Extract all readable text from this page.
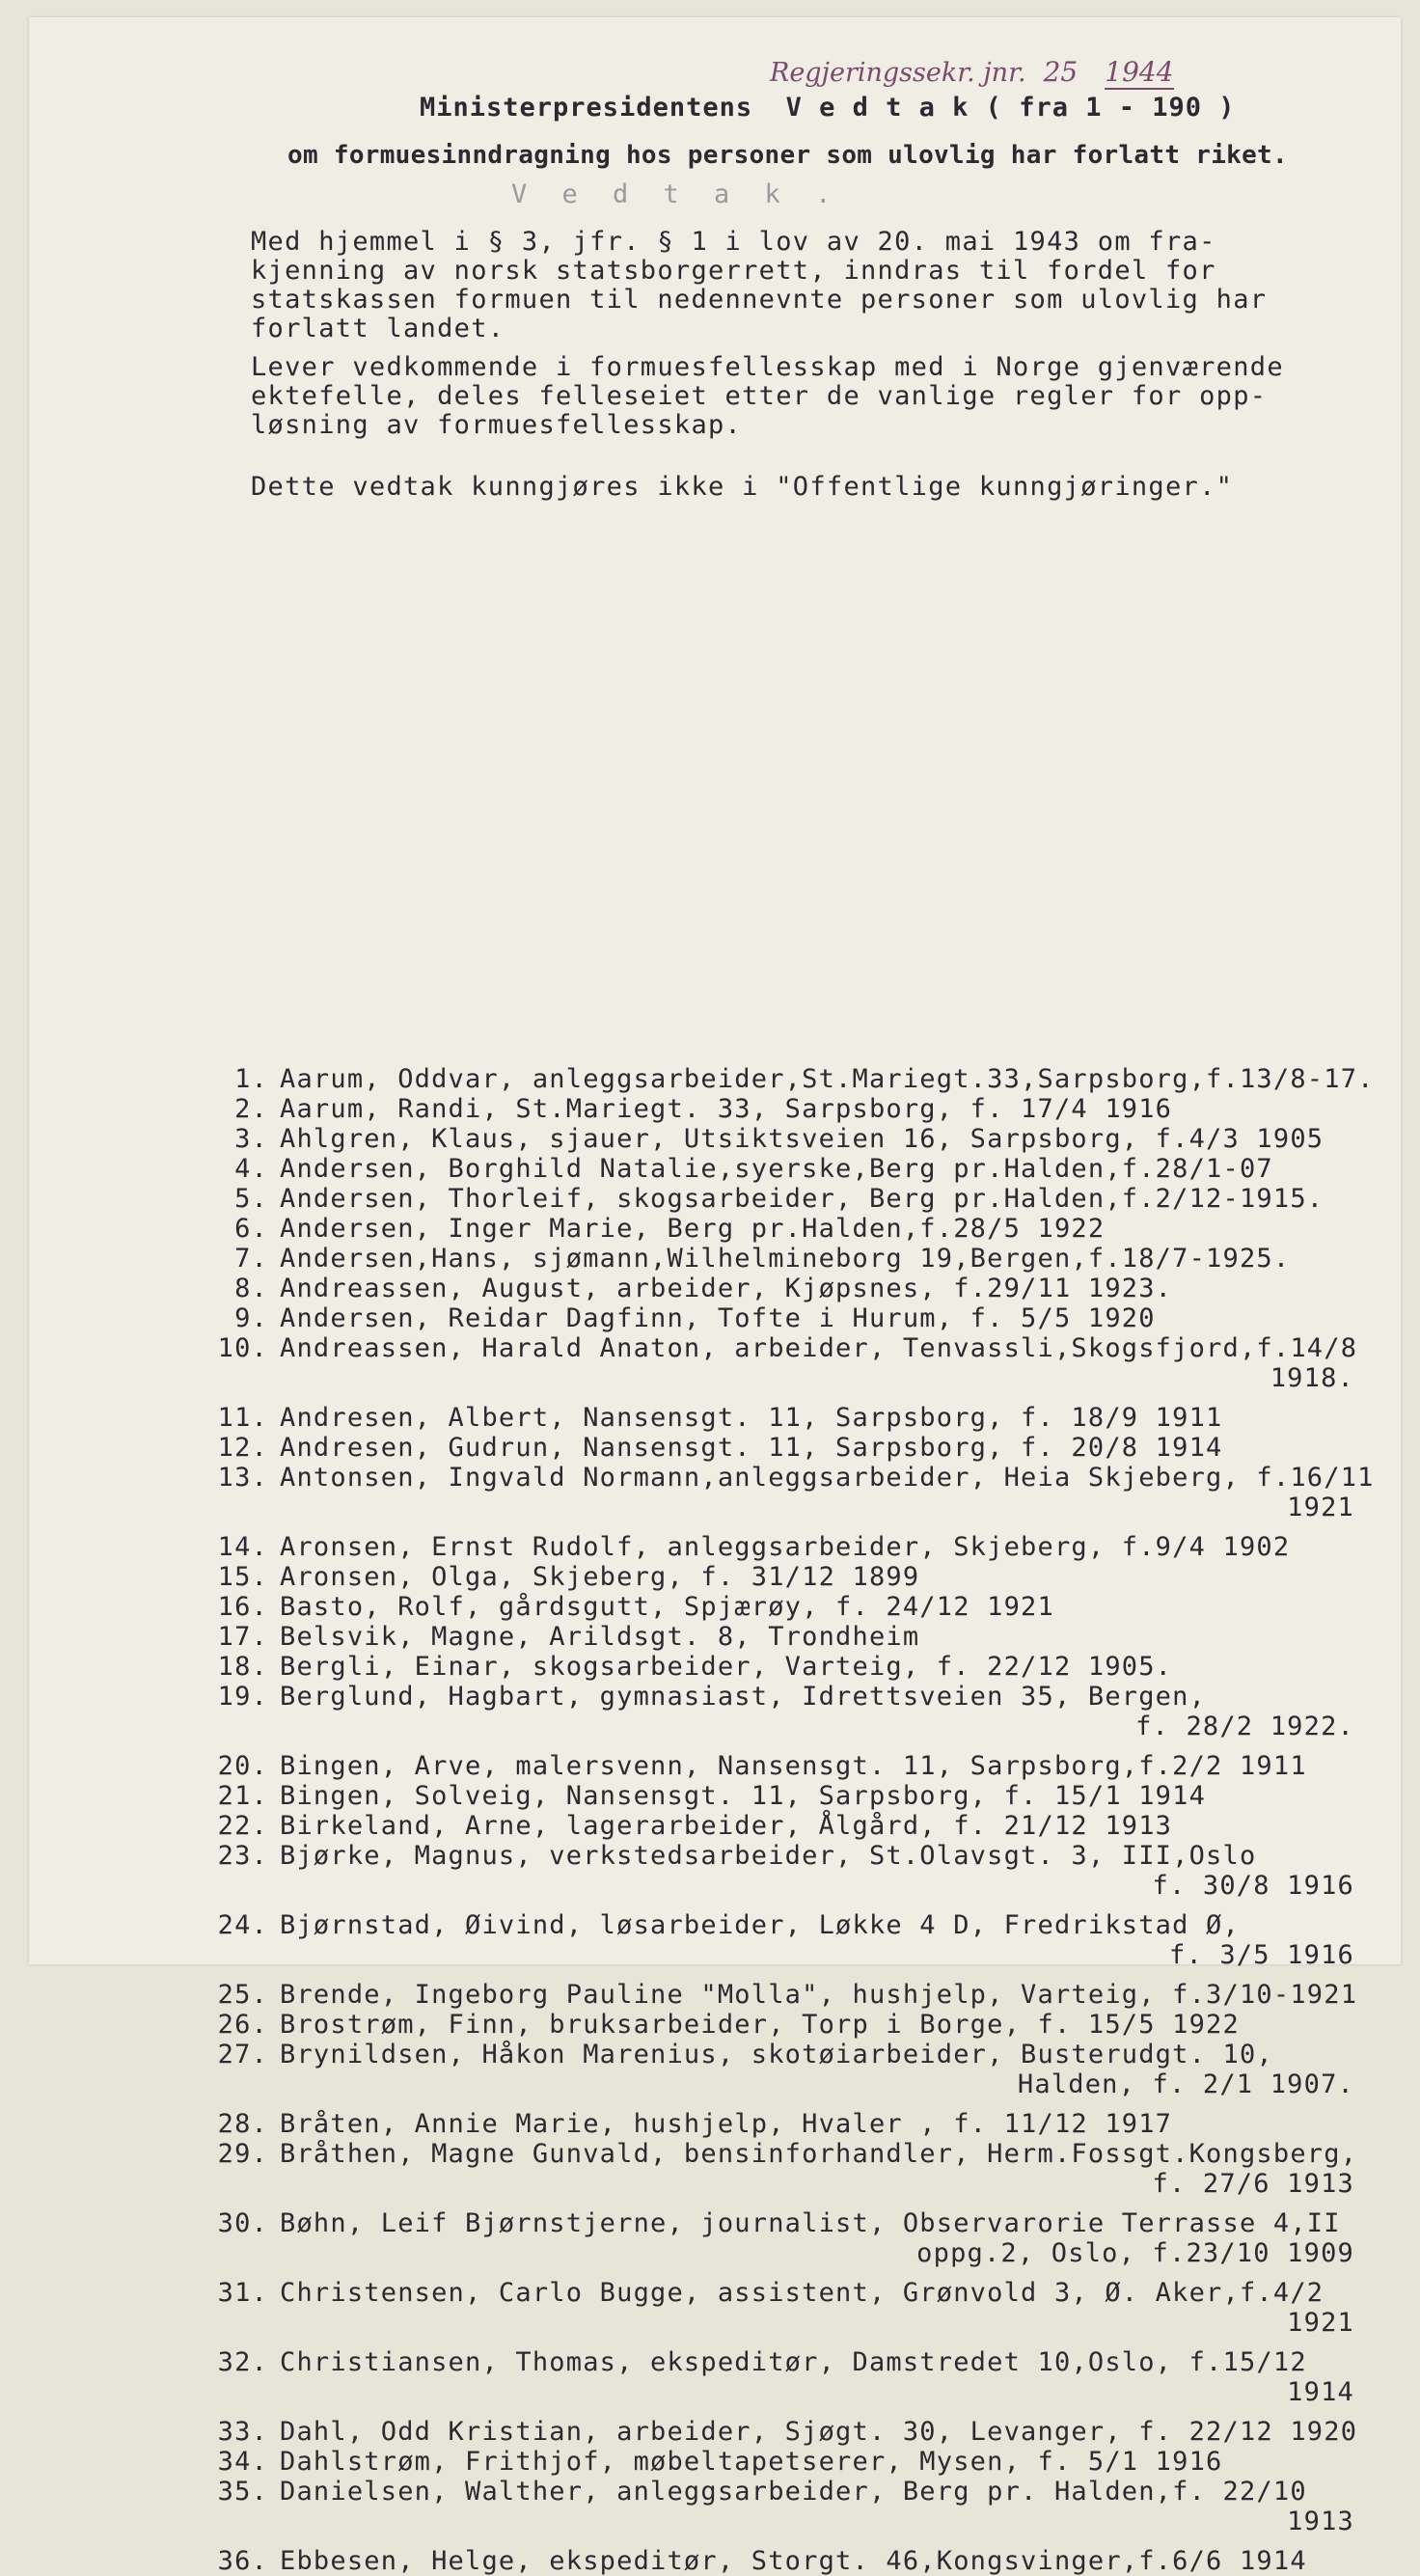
Regjeringssekr. jnr. 25 1944
Ministerpresidentens  V e d t a k ( fra 1 - 190 )
om formuesinndragning hos personer som ulovlig har forlatt riket.
V e d t a k .
Med hjemmel i § 3, jfr. § 1 i lov av 20. mai 1943 om fra-
kjenning av norsk statsborgerrett, inndras til fordel for
statskassen formuen til nedennevnte personer som ulovlig har
forlatt landet.
Lever vedkommende i formuesfellesskap med i Norge gjenværende
ektefelle, deles felleseiet etter de vanlige regler for opp-
løsning av formuesfellesskap.
Dette vedtak kunngjøres ikke i "Offentlige kunngjøringer."
1. Aarum, Oddvar, anleggsarbeider,St.Mariegt.33,Sarpsborg,f.13/8-17.
2. Aarum, Randi, St.Mariegt. 33, Sarpsborg, f. 17/4 1916
3. Ahlgren, Klaus, sjauer, Utsiktsveien 16, Sarpsborg, f.4/3 1905
4. Andersen, Borghild Natalie,syerske,Berg pr.Halden,f.28/1-07
5. Andersen, Thorleif, skogsarbeider, Berg pr.Halden,f.2/12-1915.
6. Andersen, Inger Marie, Berg pr.Halden,f.28/5 1922
7. Andersen,Hans, sjømann,Wilhelmineborg 19,Bergen,f.18/7-1925.
8. Andreassen, August, arbeider, Kjøpsnes, f.29/11 1923.
9. Andersen, Reidar Dagfinn, Tofte i Hurum, f. 5/5 1920
10. Andreassen, Harald Anaton, arbeider, Tenvassli,Skogsfjord,f.14/8
1918.
11. Andresen, Albert, Nansensgt. 11, Sarpsborg, f. 18/9 1911
12. Andresen, Gudrun, Nansensgt. 11, Sarpsborg, f. 20/8 1914
13. Antonsen, Ingvald Normann,anleggsarbeider, Heia Skjeberg, f.16/11
1921
14. Aronsen, Ernst Rudolf, anleggsarbeider, Skjeberg, f.9/4 1902
15. Aronsen, Olga, Skjeberg, f. 31/12 1899
16. Basto, Rolf, gårdsgutt, Spjærøy, f. 24/12 1921
17. Belsvik, Magne, Arildsgt. 8, Trondheim
18. Bergli, Einar, skogsarbeider, Varteig, f. 22/12 1905.
19. Berglund, Hagbart, gymnasiast, Idrettsveien 35, Bergen,
f. 28/2 1922.
20. Bingen, Arve, malersvenn, Nansensgt. 11, Sarpsborg,f.2/2 1911
21. Bingen, Solveig, Nansensgt. 11, Sarpsborg, f. 15/1 1914
22. Birkeland, Arne, lagerarbeider, Ålgård, f. 21/12 1913
23. Bjørke, Magnus, verkstedsarbeider, St.Olavsgt. 3, III,Oslo
f. 30/8 1916
24. Bjørnstad, Øivind, løsarbeider, Løkke 4 D, Fredrikstad Ø,
f. 3/5 1916
25. Brende, Ingeborg Pauline "Molla", hushjelp, Varteig, f.3/10-1921
26. Brostrøm, Finn, bruksarbeider, Torp i Borge, f. 15/5 1922
27. Brynildsen, Håkon Marenius, skotøiarbeider, Busterudgt. 10,
Halden, f. 2/1 1907.
28. Bråten, Annie Marie, hushjelp, Hvaler , f. 11/12 1917
29. Bråthen, Magne Gunvald, bensinforhandler, Herm.Fossgt.Kongsberg,
f. 27/6 1913
30. Bøhn, Leif Bjørnstjerne, journalist, Observarorie Terrasse 4,II
oppg.2, Oslo, f.23/10 1909
31. Christensen, Carlo Bugge, assistent, Grønvold 3, Ø. Aker,f.4/2
1921
32. Christiansen, Thomas, ekspeditør, Damstredet 10,Oslo, f.15/12
1914
33. Dahl, Odd Kristian, arbeider, Sjøgt. 30, Levanger, f. 22/12 1920
34. Dahlstrøm, Frithjof, møbeltapetserer, Mysen, f. 5/1 1916
35. Danielsen, Walther, anleggsarbeider, Berg pr. Halden,f. 22/10
1913
36. Ebbesen, Helge, ekspeditør, Storgt. 46,Kongsvinger,f.6/6 1914
